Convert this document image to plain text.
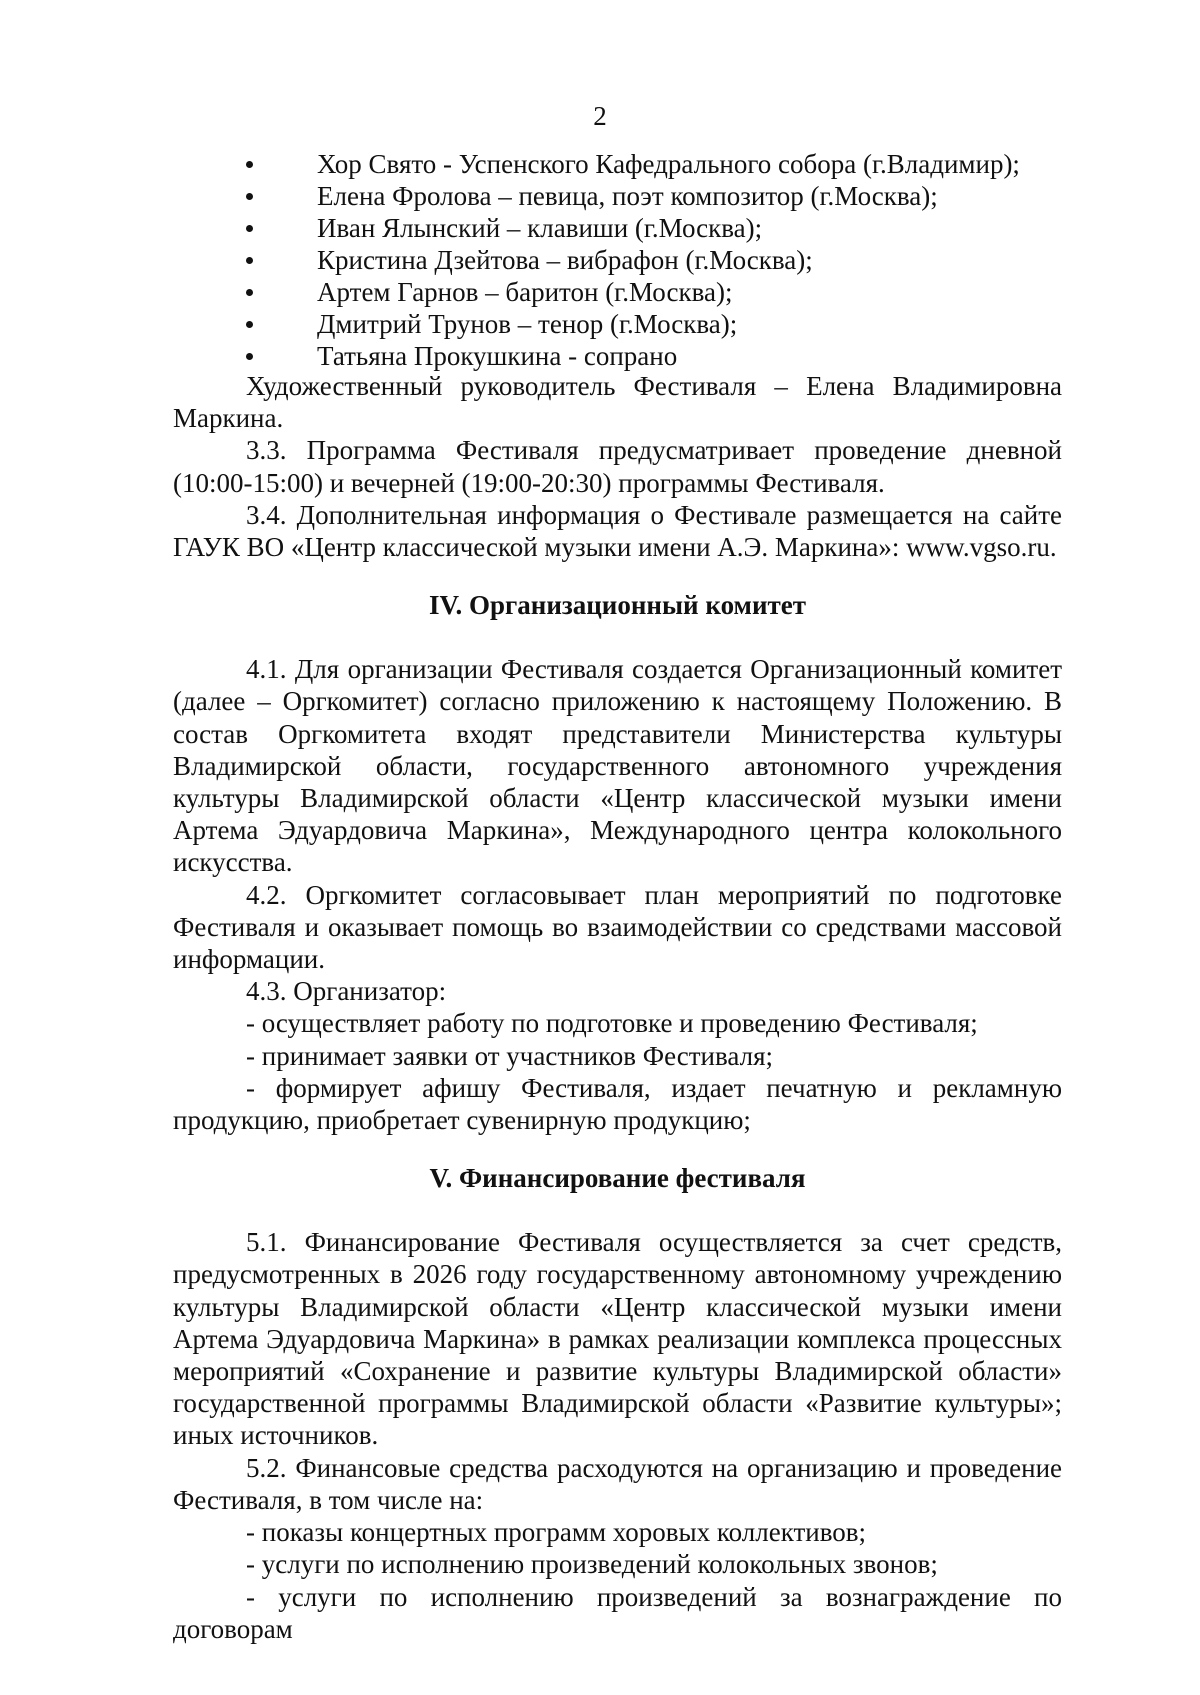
2
Хор Свято - Успенского Кафедрального собора (г.Владимир);
Елена Фролова – певица, поэт композитор (г.Москва);
Иван Ялынский – клавиши (г.Москва);
Кристина Дзейтова – вибрафон (г.Москва);
Артем Гарнов – баритон (г.Москва);
Дмитрий Трунов – тенор (г.Москва);
Татьяна Прокушкина - сопрано

Художественный руководитель Фестиваля – Елена Владимировна Маркина.

3.3. Программа Фестиваля предусматривает проведение дневной (10:00-15:00) и вечерней (19:00-20:30) программы Фестиваля.

3.4. Дополнительная информация о Фестивале размещается на сайте ГАУК ВО «Центр классической музыки имени А.Э. Маркина»: www.vgso.ru.

IV. Организационный комитет

4.1. Для организации Фестиваля создается Организационный комитет (далее – Оргкомитет) согласно приложению к настоящему Положению. В состав Оргкомитета входят представители Министерства культуры Владимирской области, государственного автономного учреждения культуры Владимирской области «Центр классической музыки имени Артема Эдуардовича Маркина», Международного центра колокольного искусства.

4.2. Оргкомитет согласовывает план мероприятий по подготовке Фестиваля и оказывает помощь во взаимодействии со средствами массовой информации.

4.3. Организатор:

- осуществляет работу по подготовке и проведению Фестиваля;

- принимает заявки от участников Фестиваля;

- формирует афишу Фестиваля, издает печатную и рекламную продукцию, приобретает сувенирную продукцию;

V. Финансирование фестиваля

5.1. Финансирование Фестиваля осуществляется за счет средств, предусмотренных в 2026 году государственному автономному учреждению культуры Владимирской области «Центр классической музыки имени Артема Эдуардовича Маркина» в рамках реализации комплекса процессных мероприятий «Сохранение и развитие культуры Владимирской области» государственной программы Владимирской области «Развитие культуры»; иных источников.

5.2. Финансовые средства расходуются на организацию и проведение Фестиваля, в том числе на:

- показы концертных программ хоровых коллективов;

- услуги по исполнению произведений колокольных звонов;

- услуги по исполнению произведений за вознаграждение по договорам
